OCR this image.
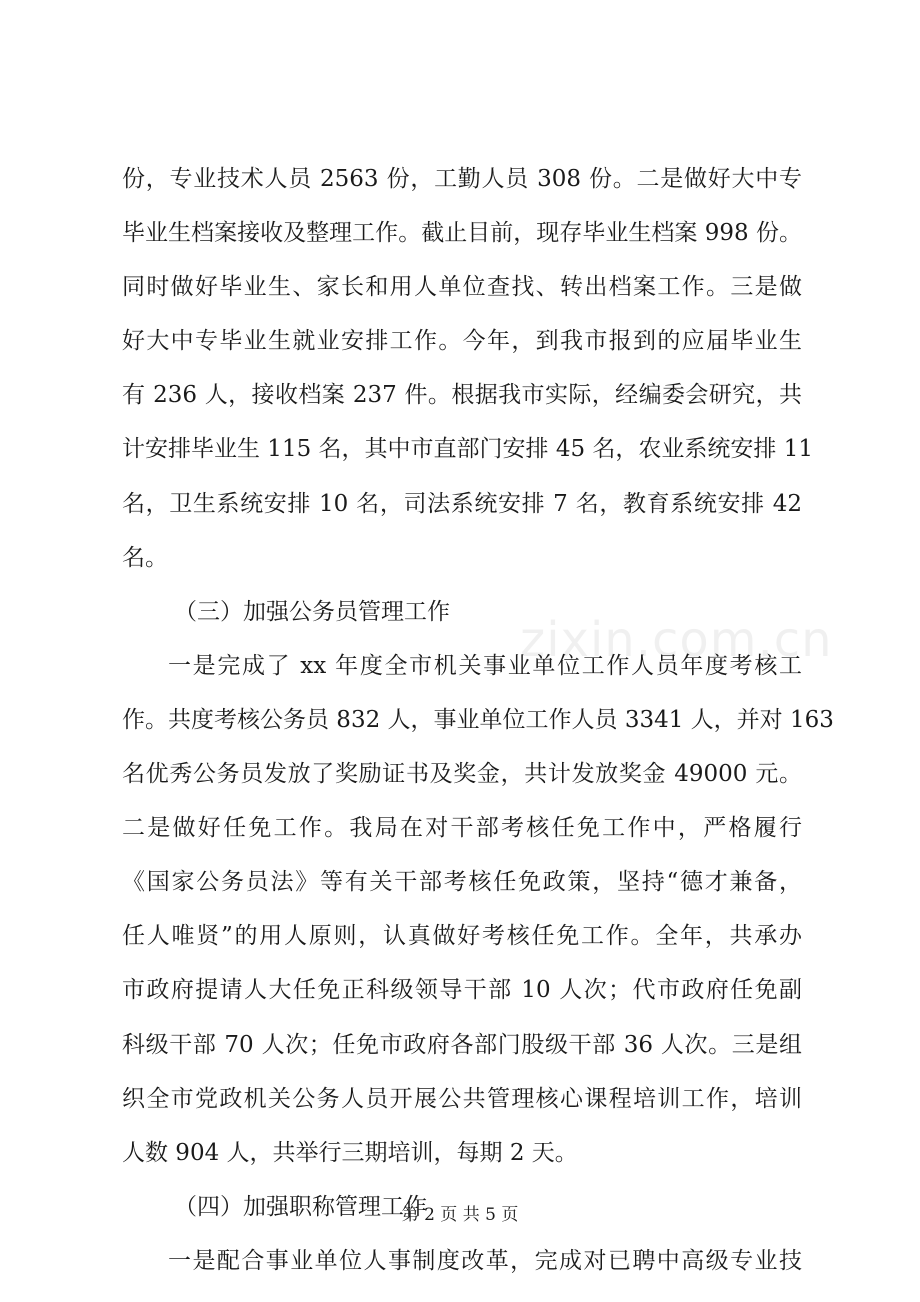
zixin.com.cn
份，专业技术人员 2563 份，工勤人员 308 份。二是做好大中专
毕业生档案接收及整理工作。截止目前，现存毕业生档案 998 份。
同时做好毕业生、家长和用人单位查找、转出档案工作。三是做
好大中专毕业生就业安排工作。今年，到我市报到的应届毕业生
有 236 人，接收档案 237 件。根据我市实际，经编委会研究，共
计安排毕业生 115 名，其中市直部门安排 45 名，农业系统安排 11
名，卫生系统安排 10 名，司法系统安排 7 名，教育系统安排 42
名。
（三）加强公务员管理工作
一是完成了 xx 年度全市机关事业单位工作人员年度考核工
作。共度考核公务员 832 人，事业单位工作人员 3341 人，并对 163
名优秀公务员发放了奖励证书及奖金，共计发放奖金 49000 元。
二是做好任免工作。我局在对干部考核任免工作中，严格履行
《国家公务员法》等有关干部考核任免政策，坚持“德才兼备，
任人唯贤”的用人原则，认真做好考核任免工作。全年，共承办
市政府提请人大任免正科级领导干部 10 人次；代市政府任免副
科级干部 70 人次；任免市政府各部门股级干部 36 人次。三是组
织全市党政机关公务人员开展公共管理核心课程培训工作，培训
人数 904 人，共举行三期培训，每期 2 天。
（四）加强职称管理工作
一是配合事业单位人事制度改革，完成对已聘中高级专业技
第 2 页 共 5 页
